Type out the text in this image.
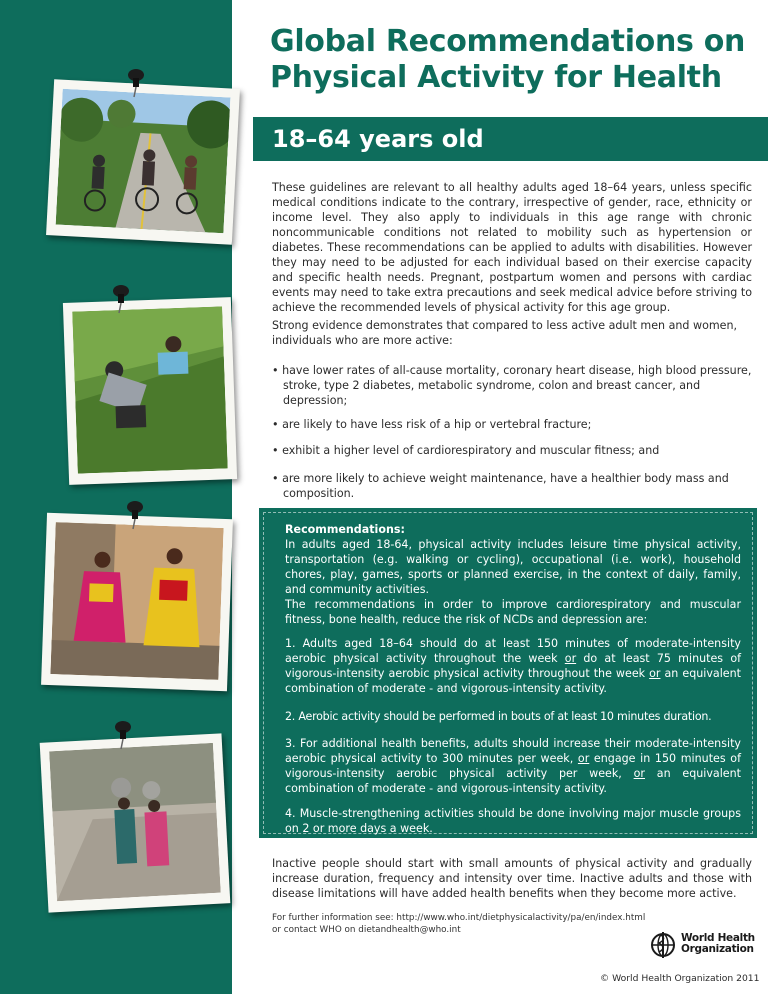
Global Recommendations on
Physical Activity for Health
18–64 years old

These guidelines are relevant to all healthy adults aged 18–64 years, unless specific medical conditions indicate to the contrary, irrespective of gender, race, ethnicity or income level. They also apply to individuals in this age range with chronic noncommunicable conditions not related to mobility such as hypertension or diabetes. These recommendations can be applied to adults with disabilities. However they may need to be adjusted for each individual based on their exercise capacity and specific health needs. Pregnant, postpartum women and persons with cardiac events may need to take extra precautions and seek medical advice before striving to achieve the recommended levels of physical activity for this age group.

Strong evidence demonstrates that compared to less active adult men and women, individuals who are more active:

• have lower rates of all-cause mortality, coronary heart disease, high blood pressure, stroke, type 2 diabetes, metabolic syndrome, colon and breast cancer, and depression;

• are likely to have less risk of a hip or vertebral fracture;

• exhibit a higher level of cardiorespiratory and muscular fitness; and

• are more likely to achieve weight maintenance, have a healthier body mass and composition.

Recommendations:

In adults aged 18-64, physical activity includes leisure time physical activity, transportation (e.g. walking or cycling), occupational (i.e. work), household chores, play, games, sports or planned exercise, in the context of daily, family, and community activities.

The recommendations in order to improve cardiorespiratory and muscular fitness, bone health, reduce the risk of NCDs and depression are:

1. Adults aged 18–64 should do at least 150 minutes of moderate-intensity aerobic physical activity throughout the week or do at least 75 minutes of vigorous-intensity aerobic physical activity throughout the week or an equivalent combination of moderate - and vigorous-intensity activity.

2. Aerobic activity should be performed in bouts of at least 10 minutes duration.

3. For additional health benefits, adults should increase their moderate-intensity aerobic physical activity to 300 minutes per week, or engage in 150 minutes of vigorous-intensity aerobic physical activity per week, or an equivalent combination of moderate - and vigorous-intensity activity.

4. Muscle-strengthening activities should be done involving major muscle groups on 2 or more days a week.

Inactive people should start with small amounts of physical activity and gradually increase duration, frequency and intensity over time. Inactive adults and those with disease limitations will have added health benefits when they become more active.

For further information see: http://www.who.int/dietphysicalactivity/pa/en/index.html

or contact WHO on dietandhealth@who.int

World Health
Organization
© World Health Organization 2011
